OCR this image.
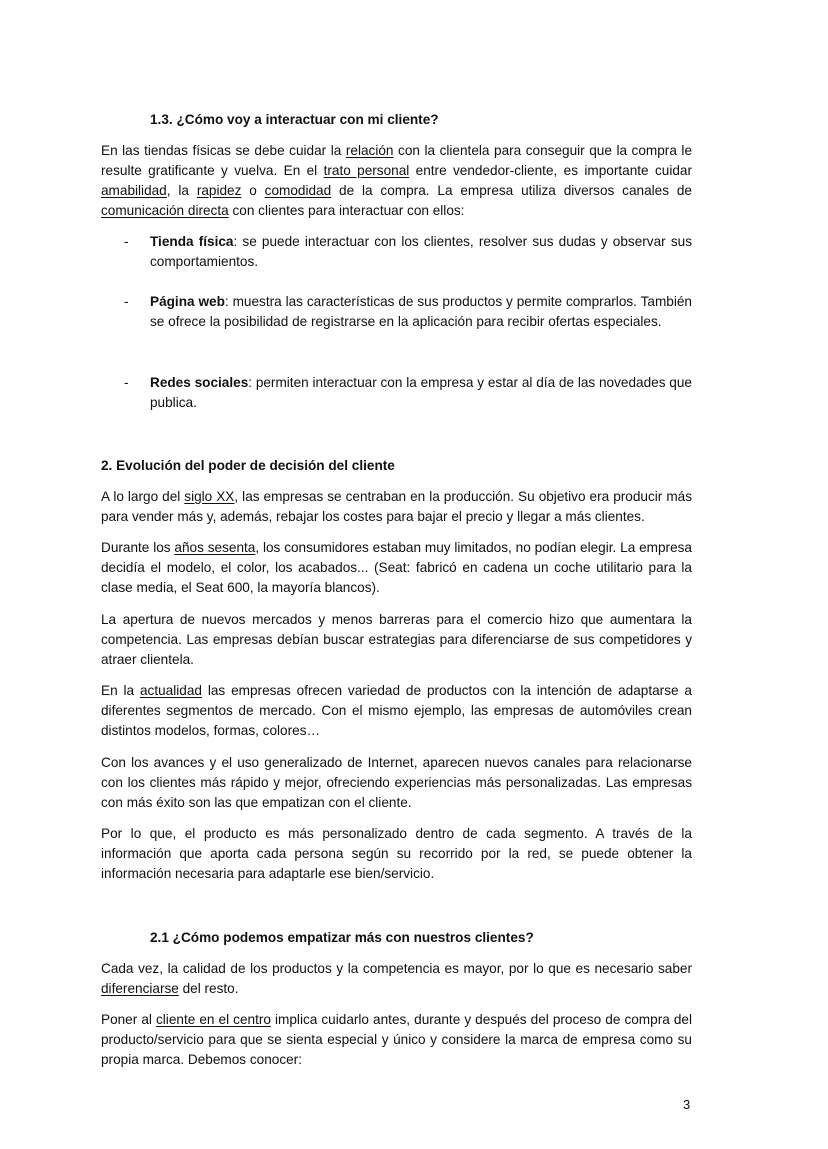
1.3. ¿Cómo voy a interactuar con mi cliente?
En las tiendas físicas se debe cuidar la relación con la clientela para conseguir que la compra le resulte gratificante y vuelva. En el trato personal entre vendedor-cliente, es importante cuidar amabilidad, la rapidez o comodidad de la compra. La empresa utiliza diversos canales de comunicación directa con clientes para interactuar con ellos:
-	Tienda física: se puede interactuar con los clientes, resolver sus dudas y observar sus comportamientos.
-	Página web: muestra las características de sus productos y permite comprarlos. También se ofrece la posibilidad de registrarse en la aplicación para recibir ofertas especiales.
-	Redes sociales: permiten interactuar con la empresa y estar al día de las novedades que publica.
2. Evolución del poder de decisión del cliente
A lo largo del siglo XX, las empresas se centraban en la producción. Su objetivo era producir más para vender más y, además, rebajar los costes para bajar el precio y llegar a más clientes.
Durante los años sesenta, los consumidores estaban muy limitados, no podían elegir. La empresa decidía el modelo, el color, los acabados... (Seat: fabricó en cadena un coche utilitario para la clase media, el Seat 600, la mayoría blancos).
La apertura de nuevos mercados y menos barreras para el comercio hizo que aumentara la competencia. Las empresas debían buscar estrategias para diferenciarse de sus competidores y atraer clientela.
En la actualidad las empresas ofrecen variedad de productos con la intención de adaptarse a diferentes segmentos de mercado. Con el mismo ejemplo, las empresas de automóviles crean distintos modelos, formas, colores…
Con los avances y el uso generalizado de Internet, aparecen nuevos canales para relacionarse con los clientes más rápido y mejor, ofreciendo experiencias más personalizadas. Las empresas con más éxito son las que empatizan con el cliente.
Por lo que, el producto es más personalizado dentro de cada segmento. A través de la información que aporta cada persona según su recorrido por la red, se puede obtener la información necesaria para adaptarle ese bien/servicio.
2.1 ¿Cómo podemos empatizar más con nuestros clientes?
Cada vez, la calidad de los productos y la competencia es mayor, por lo que es necesario saber diferenciarse del resto.
Poner al cliente en el centro implica cuidarlo antes, durante y después del proceso de compra del producto/servicio para que se sienta especial y único y considere la marca de empresa como su propia marca. Debemos conocer:
3
